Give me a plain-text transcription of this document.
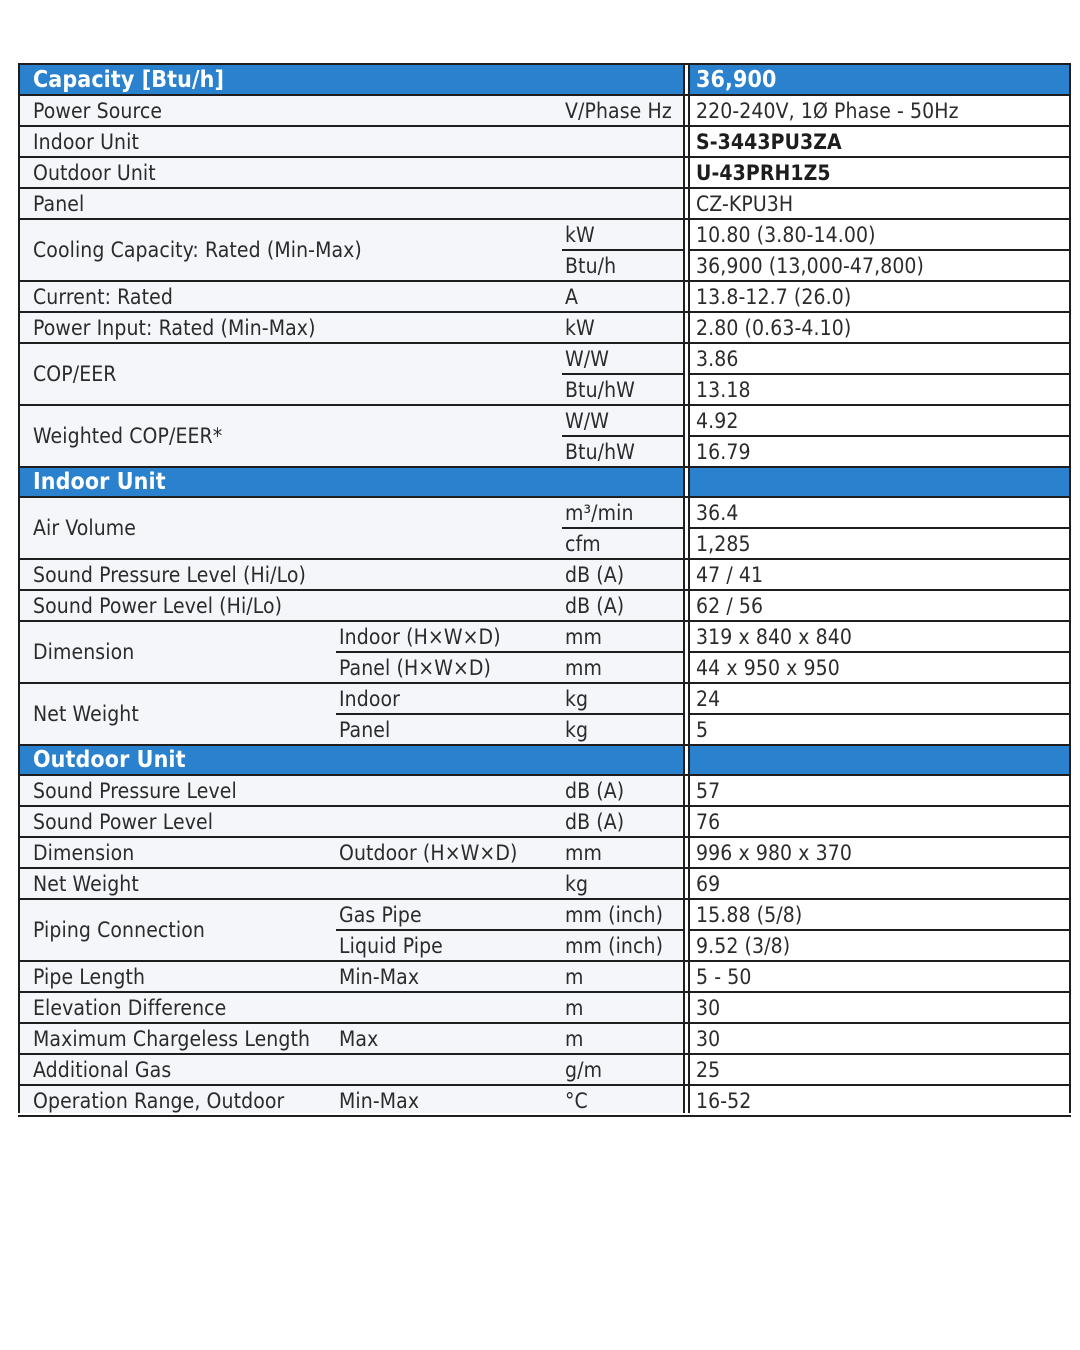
Capacity [Btu/h]	36,900
Power Source	V/Phase Hz	220-240V, 1Ø Phase - 50Hz
Indoor Unit	S-3443PU3ZA
Outdoor Unit	U-43PRH1Z5
Panel	CZ-KPU3H
Cooling Capacity: Rated (Min-Max)
kW	10.80 (3.80-14.00)
Btu/h	36,900 (13,000-47,800)
Current: Rated	A	13.8-12.7 (26.0)
Power Input: Rated (Min-Max)	kW	2.80 (0.63-4.10)
COP/EER
W/W	3.86
Btu/hW	13.18
Weighted COP/EER*
W/W	4.92
Btu/hW	16.79
Indoor Unit
Air Volume
m³/min	36.4
cfm	1,285
Sound Pressure Level (Hi/Lo)	dB (A)	47 / 41
Sound Power Level (Hi/Lo)	dB (A)	62 / 56
Dimension
Indoor (H×W×D)	mm	319 x 840 x 840
Panel (H×W×D)	mm	44 x 950 x 950
Net Weight
Indoor	kg	24
Panel	kg	5
Outdoor Unit
Sound Pressure Level	dB (A)	57
Sound Power Level	dB (A)	76
Dimension	Outdoor (H×W×D)	mm	996 x 980 x 370
Net Weight	kg	69
Piping Connection
Gas Pipe	mm (inch)	15.88 (5/8)
Liquid Pipe	mm (inch)	9.52 (3/8)
Pipe Length	Min-Max	m	5 - 50
Elevation Difference	m	30
Maximum Chargeless Length	Max	m	30
Additional Gas	g/m	25
Operation Range, Outdoor	Min-Max	°C	16-52
